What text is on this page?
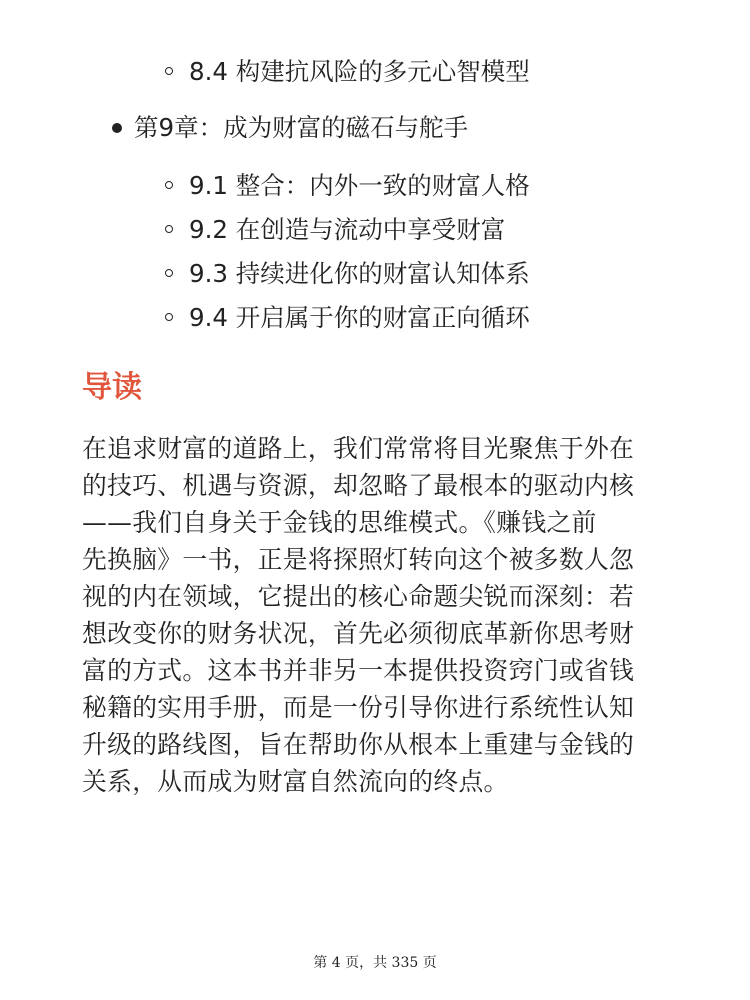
8.4 构建抗风险的多元心智模型
第9章：成为财富的磁石与舵手
9.1 整合：内外一致的财富人格
9.2 在创造与流动中享受财富
9.3 持续进化你的财富认知体系
9.4 开启属于你的财富正向循环
导读
在追求财富的道路上，我们常常将目光聚焦于外在
的技巧、机遇与资源，却忽略了最根本的驱动内核
——我们自身关于金钱的思维模式。《赚钱之前
先换脑》一书，正是将探照灯转向这个被多数人忽
视的内在领域，它提出的核心命题尖锐而深刻：若
想改变你的财务状况，首先必须彻底革新你思考财
富的方式。这本书并非另一本提供投资窍门或省钱
秘籍的实用手册，而是一份引导你进行系统性认知
升级的路线图，旨在帮助你从根本上重建与金钱的
关系，从而成为财富自然流向的终点。
第 4 页，共 335 页
